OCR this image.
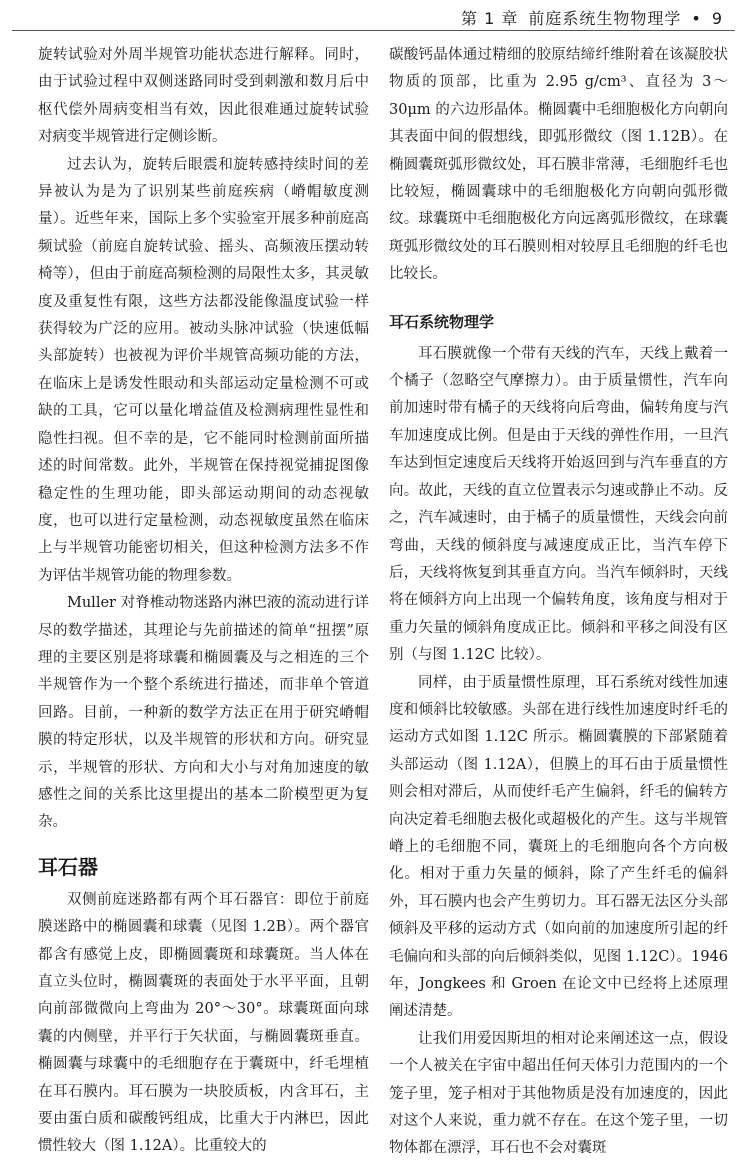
第 1 章 前庭系统生物物理学 • 9

旋转试验对外周半规管功能状态进行解释。同时，由于试验过程中双侧迷路同时受到刺激和数月后中枢代偿外周病变相当有效，因此很难通过旋转试验对病变半规管进行定侧诊断。

过去认为，旋转后眼震和旋转感持续时间的差异被认为是为了识别某些前庭疾病（嵴帽敏度测量）。近些年来，国际上多个实验室开展多种前庭高频试验（前庭自旋转试验、摇头、高频液压摆动转椅等），但由于前庭高频检测的局限性太多，其灵敏度及重复性有限，这些方法都没能像温度试验一样获得较为广泛的应用。被动头脉冲试验（快速低幅头部旋转）也被视为评价半规管高频功能的方法，在临床上是诱发性眼动和头部运动定量检测不可或缺的工具，它可以量化增益值及检测病理性显性和隐性扫视。但不幸的是，它不能同时检测前面所描述的时间常数。此外，半规管在保持视觉捕捉图像稳定性的生理功能，即头部运动期间的动态视敏度，也可以进行定量检测，动态视敏度虽然在临床上与半规管功能密切相关，但这种检测方法多不作为评估半规管功能的物理参数。

Muller 对脊椎动物迷路内淋巴液的流动进行详尽的数学描述，其理论与先前描述的简单“扭摆”原理的主要区别是将球囊和椭圆囊及与之相连的三个半规管作为一个整个系统进行描述，而非单个管道回路。目前，一种新的数学方法正在用于研究嵴帽膜的特定形状，以及半规管的形状和方向。研究显示，半规管的形状、方向和大小与对角加速度的敏感性之间的关系比这里提出的基本二阶模型更为复杂。

耳石器

双侧前庭迷路都有两个耳石器官：即位于前庭膜迷路中的椭圆囊和球囊（见图 1.2B）。两个器官都含有感觉上皮，即椭圆囊斑和球囊斑。当人体在直立头位时，椭圆囊斑的表面处于水平平面，且朝向前部微微向上弯曲为 20°～30°。球囊斑面向球囊的内侧壁，并平行于矢状面，与椭圆囊斑垂直。椭圆囊与球囊中的毛细胞存在于囊斑中，纤毛埋植在耳石膜内。耳石膜为一块胶质板，内含耳石，主要由蛋白质和碳酸钙组成，比重大于内淋巴，因此惯性较大（图 1.12A）。比重较大的

碳酸钙晶体通过精细的胶原结缔纤维附着在该凝胶状物质的顶部，比重为 2.95 g/cm³、直径为 3～30μm 的六边形晶体。椭圆囊中毛细胞极化方向朝向其表面中间的假想线，即弧形微纹（图 1.12B）。在椭圆囊斑弧形微纹处，耳石膜非常薄，毛细胞纤毛也比较短，椭圆囊球中的毛细胞极化方向朝向弧形微纹。球囊斑中毛细胞极化方向远离弧形微纹，在球囊斑弧形微纹处的耳石膜则相对较厚且毛细胞的纤毛也比较长。

耳石系统物理学

耳石膜就像一个带有天线的汽车，天线上戴着一个橘子（忽略空气摩擦力）。由于质量惯性，汽车向前加速时带有橘子的天线将向后弯曲，偏转角度与汽车加速度成比例。但是由于天线的弹性作用，一旦汽车达到恒定速度后天线将开始返回到与汽车垂直的方向。故此，天线的直立位置表示匀速或静止不动。反之，汽车减速时，由于橘子的质量惯性，天线会向前弯曲，天线的倾斜度与减速度成正比，当汽车停下后，天线将恢复到其垂直方向。当汽车倾斜时，天线将在倾斜方向上出现一个偏转角度，该角度与相对于重力矢量的倾斜角度成正比。倾斜和平移之间没有区别（与图 1.12C 比较）。

同样，由于质量惯性原理，耳石系统对线性加速度和倾斜比较敏感。头部在进行线性加速度时纤毛的运动方式如图 1.12C 所示。椭圆囊膜的下部紧随着头部运动（图 1.12A），但膜上的耳石由于质量惯性则会相对滞后，从而使纤毛产生偏斜，纤毛的偏转方向决定着毛细胞去极化或超极化的产生。这与半规管嵴上的毛细胞不同，囊斑上的毛细胞向各个方向极化。相对于重力矢量的倾斜，除了产生纤毛的偏斜外，耳石膜内也会产生剪切力。耳石器无法区分头部倾斜及平移的运动方式（如向前的加速度所引起的纤毛偏向和头部的向后倾斜类似，见图 1.12C）。1946 年，Jongkees 和 Groen 在论文中已经将上述原理阐述清楚。

让我们用爱因斯坦的相对论来阐述这一点，假设一个人被关在宇宙中超出任何天体引力范围内的一个笼子里，笼子相对于其他物质是没有加速度的，因此对这个人来说，重力就不存在。在这个笼子里，一切物体都在漂浮，耳石也不会对囊斑
